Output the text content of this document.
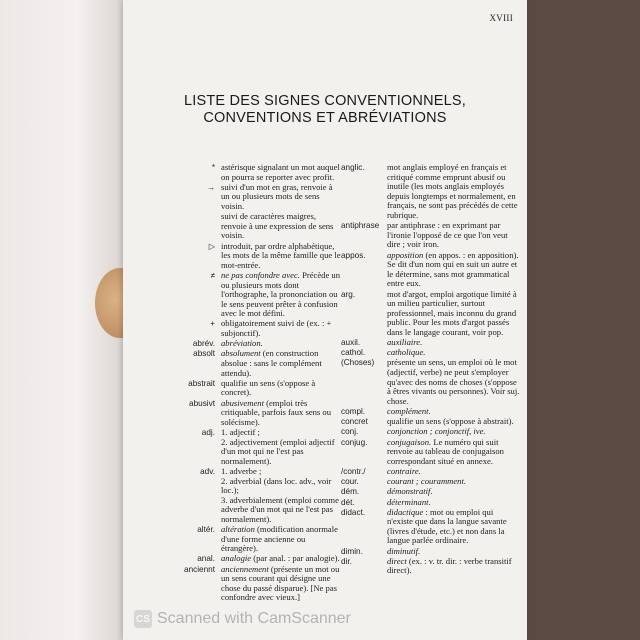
XVIII
LISTE DES SIGNES CONVENTIONNELS,
CONVENTIONS ET ABRÉVIATIONS
* astérisque signalant un mot auquel on pourra se reporter avec profit.
→ suivi d'un mot en gras, renvoie à un ou plusieurs mots de sens voisin.
suivi de caractères maigres, renvoie à une expression de sens voisin.
▷ introduit, par ordre alphabétique, les mots de la même famille que le mot-entrée.
≠ ne pas confondre avec. Précède un ou plusieurs mots dont l'orthographe, la prononciation ou le sens peuvent prêter à confusion avec le mot défini.
+ obligatoirement suivi de (ex. : + subjonctif).
abrév. abréviation.
absolt absolument (en construction absolue : sans le complément attendu).
abstrait qualifie un sens (s'oppose à concret).
abusivt abusivement (emploi très critiquable, parfois faux sens ou solécisme).
adj. 1. adjectif ;
2. adjectivement (emploi adjectif d'un mot qui ne l'est pas normalement).
adv. 1. adverbe ;
2. adverbial (dans loc. adv., voir loc.);
3. adverbialement (emploi comme adverbe d'un mot qui ne l'est pas normalement).
altér. altération (modification anormale d'une forme ancienne ou étrangère).
anal. analogie (par anal. : par analogie).
anciennt anciennement (présente un mot ou un sens courant qui désigne une chose du passé disparue). [Ne pas confondre avec vieux.]
anglic.	mot anglais employé en français et critiqué comme emprunt abusif ou inutile (les mots anglais employés depuis longtemps et normalement, en français, ne sont pas précédés de cette rubrique.
antiphrase par antiphrase : en exprimant par l'ironie l'opposé de ce que l'on veut dire ; voir iron.
appos.	apposition (en appos. : en apposition). Se dit d'un nom qui en suit un autre et le détermine, sans mot grammatical entre eux.
arg.	mot d'argot, emploi argotique limité à un milieu particulier, surtout professionnel, mais inconnu du grand public. Pour les mots d'argot passés dans le langage courant, voir pop.
auxil.	auxiliaire.
cathol.	catholique.
(Choses)	présente un sens, un emploi où le mot (adjectif, verbe) ne peut s'employer qu'avec des noms de choses (s'oppose à êtres vivants ou personnes). Voir suj. chose.
compl.	complément.
concret	qualifie un sens (s'oppose à abstrait).
conj.	conjonction ; conjonctif, ive.
conjug.	conjugaison. Le numéro qui suit renvoie au tableau de conjugaison correspondant situé en annexe.
/contr./	contraire.
cour.	courant ; couramment.
dém.	démonstratif.
dét.	déterminant.
didact.	didactique : mot ou emploi qui n'existe que dans la langue savante (livres d'étude, etc.) et non dans la langue parlée ordinaire.
dimin.	diminutif.
dir.	direct (ex. : v. tr. dir. : verbe transitif direct).
CS Scanned with CamScanner
